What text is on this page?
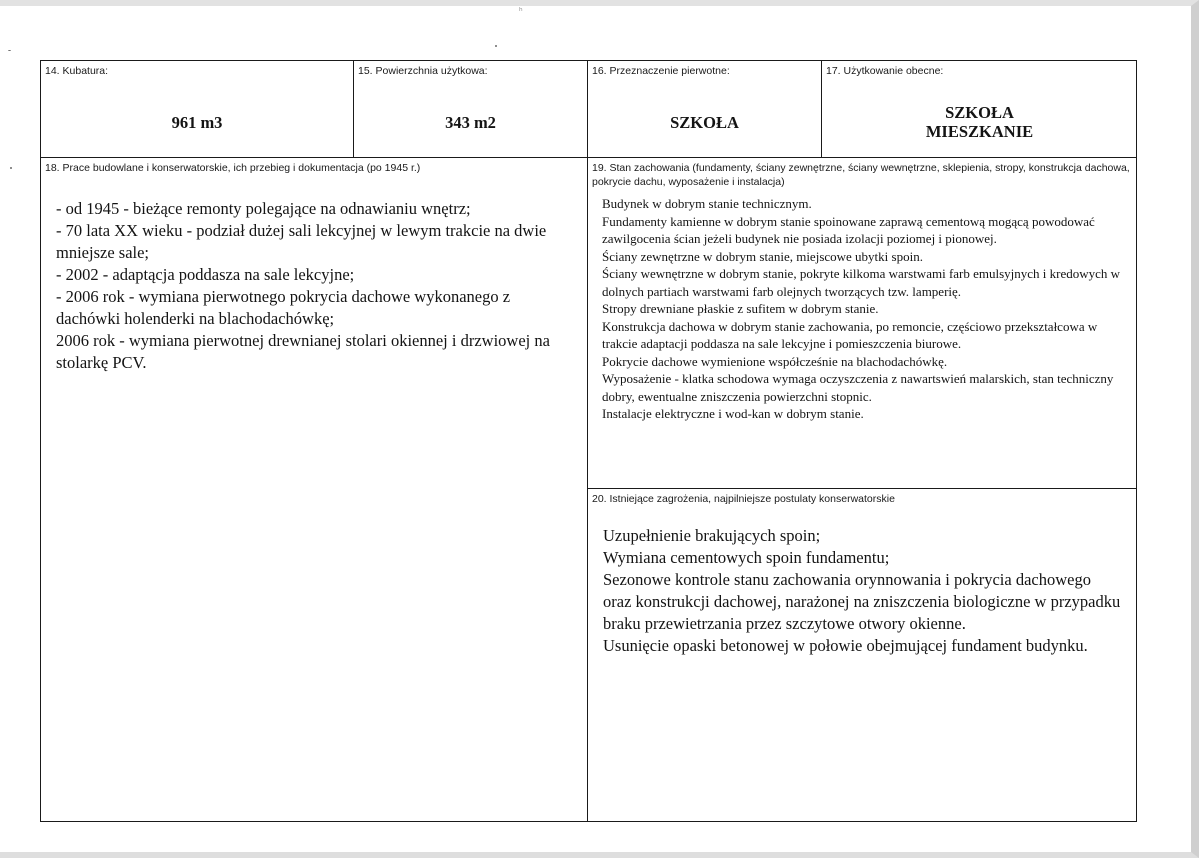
ʰ
14. Kubatura:
961 m3
15. Powierzchnia użytkowa:
343 m2
16. Przeznaczenie pierwotne:
SZKOŁA
17. Użytkowanie obecne:
SZKOŁA
MIESZKANIE
18. Prace budowlane i konserwatorskie, ich przebieg i dokumentacja (po 1945 r.)
- od 1945 - bieżące remonty polegające na odnawianiu wnętrz;
- 70 lata XX wieku - podział dużej sali lekcyjnej w lewym trakcie na dwie mniejsze sale;
- 2002 - adaptącja poddasza na sale lekcyjne;
- 2006 rok - wymiana pierwotnego pokrycia dachowe wykonanego z dachówki holenderki na blachodachówkę;
2006 rok - wymiana pierwotnej drewnianej stolari okiennej i drzwiowej na stolarkę PCV.
19. Stan zachowania (fundamenty, ściany zewnętrzne, ściany wewnętrzne, sklepienia, stropy, konstrukcja dachowa, pokrycie dachu, wyposażenie i instalacja)
Budynek w dobrym stanie technicznym.
Fundamenty kamienne w dobrym stanie spoinowane zaprawą cementową mogącą powodować zawilgocenia ścian jeżeli budynek nie posiada izolacji poziomej i pionowej.
Ściany zewnętrzne w dobrym stanie, miejscowe ubytki spoin.
Ściany wewnętrzne w dobrym stanie, pokryte kilkoma warstwami farb emulsyjnych i kredowych w dolnych partiach warstwami farb olejnych tworzących tzw. lamperię.
Stropy drewniane płaskie z sufitem w dobrym stanie.
Konstrukcja dachowa w dobrym stanie zachowania, po remoncie, częściowo przekształcowa w trakcie adaptacji poddasza na sale lekcyjne i pomieszczenia biurowe.
Pokrycie dachowe wymienione współcześnie na blachodachówkę.
Wyposażenie - klatka schodowa wymaga oczyszczenia z nawartswień malarskich, stan techniczny dobry, ewentualne zniszczenia powierzchni stopnic.
Instalacje elektryczne i wod-kan w dobrym stanie.
20. Istniejące zagrożenia, najpilniejsze postulaty konserwatorskie
Uzupełnienie brakujących spoin;
Wymiana cementowych spoin fundamentu;
Sezonowe kontrole stanu zachowania orynnowania i pokrycia dachowego oraz konstrukcji dachowej, narażonej na zniszczenia biologiczne w przypadku braku przewietrzania przez szczytowe otwory okienne.
Usunięcie opaski betonowej w połowie obejmującej fundament budynku.
